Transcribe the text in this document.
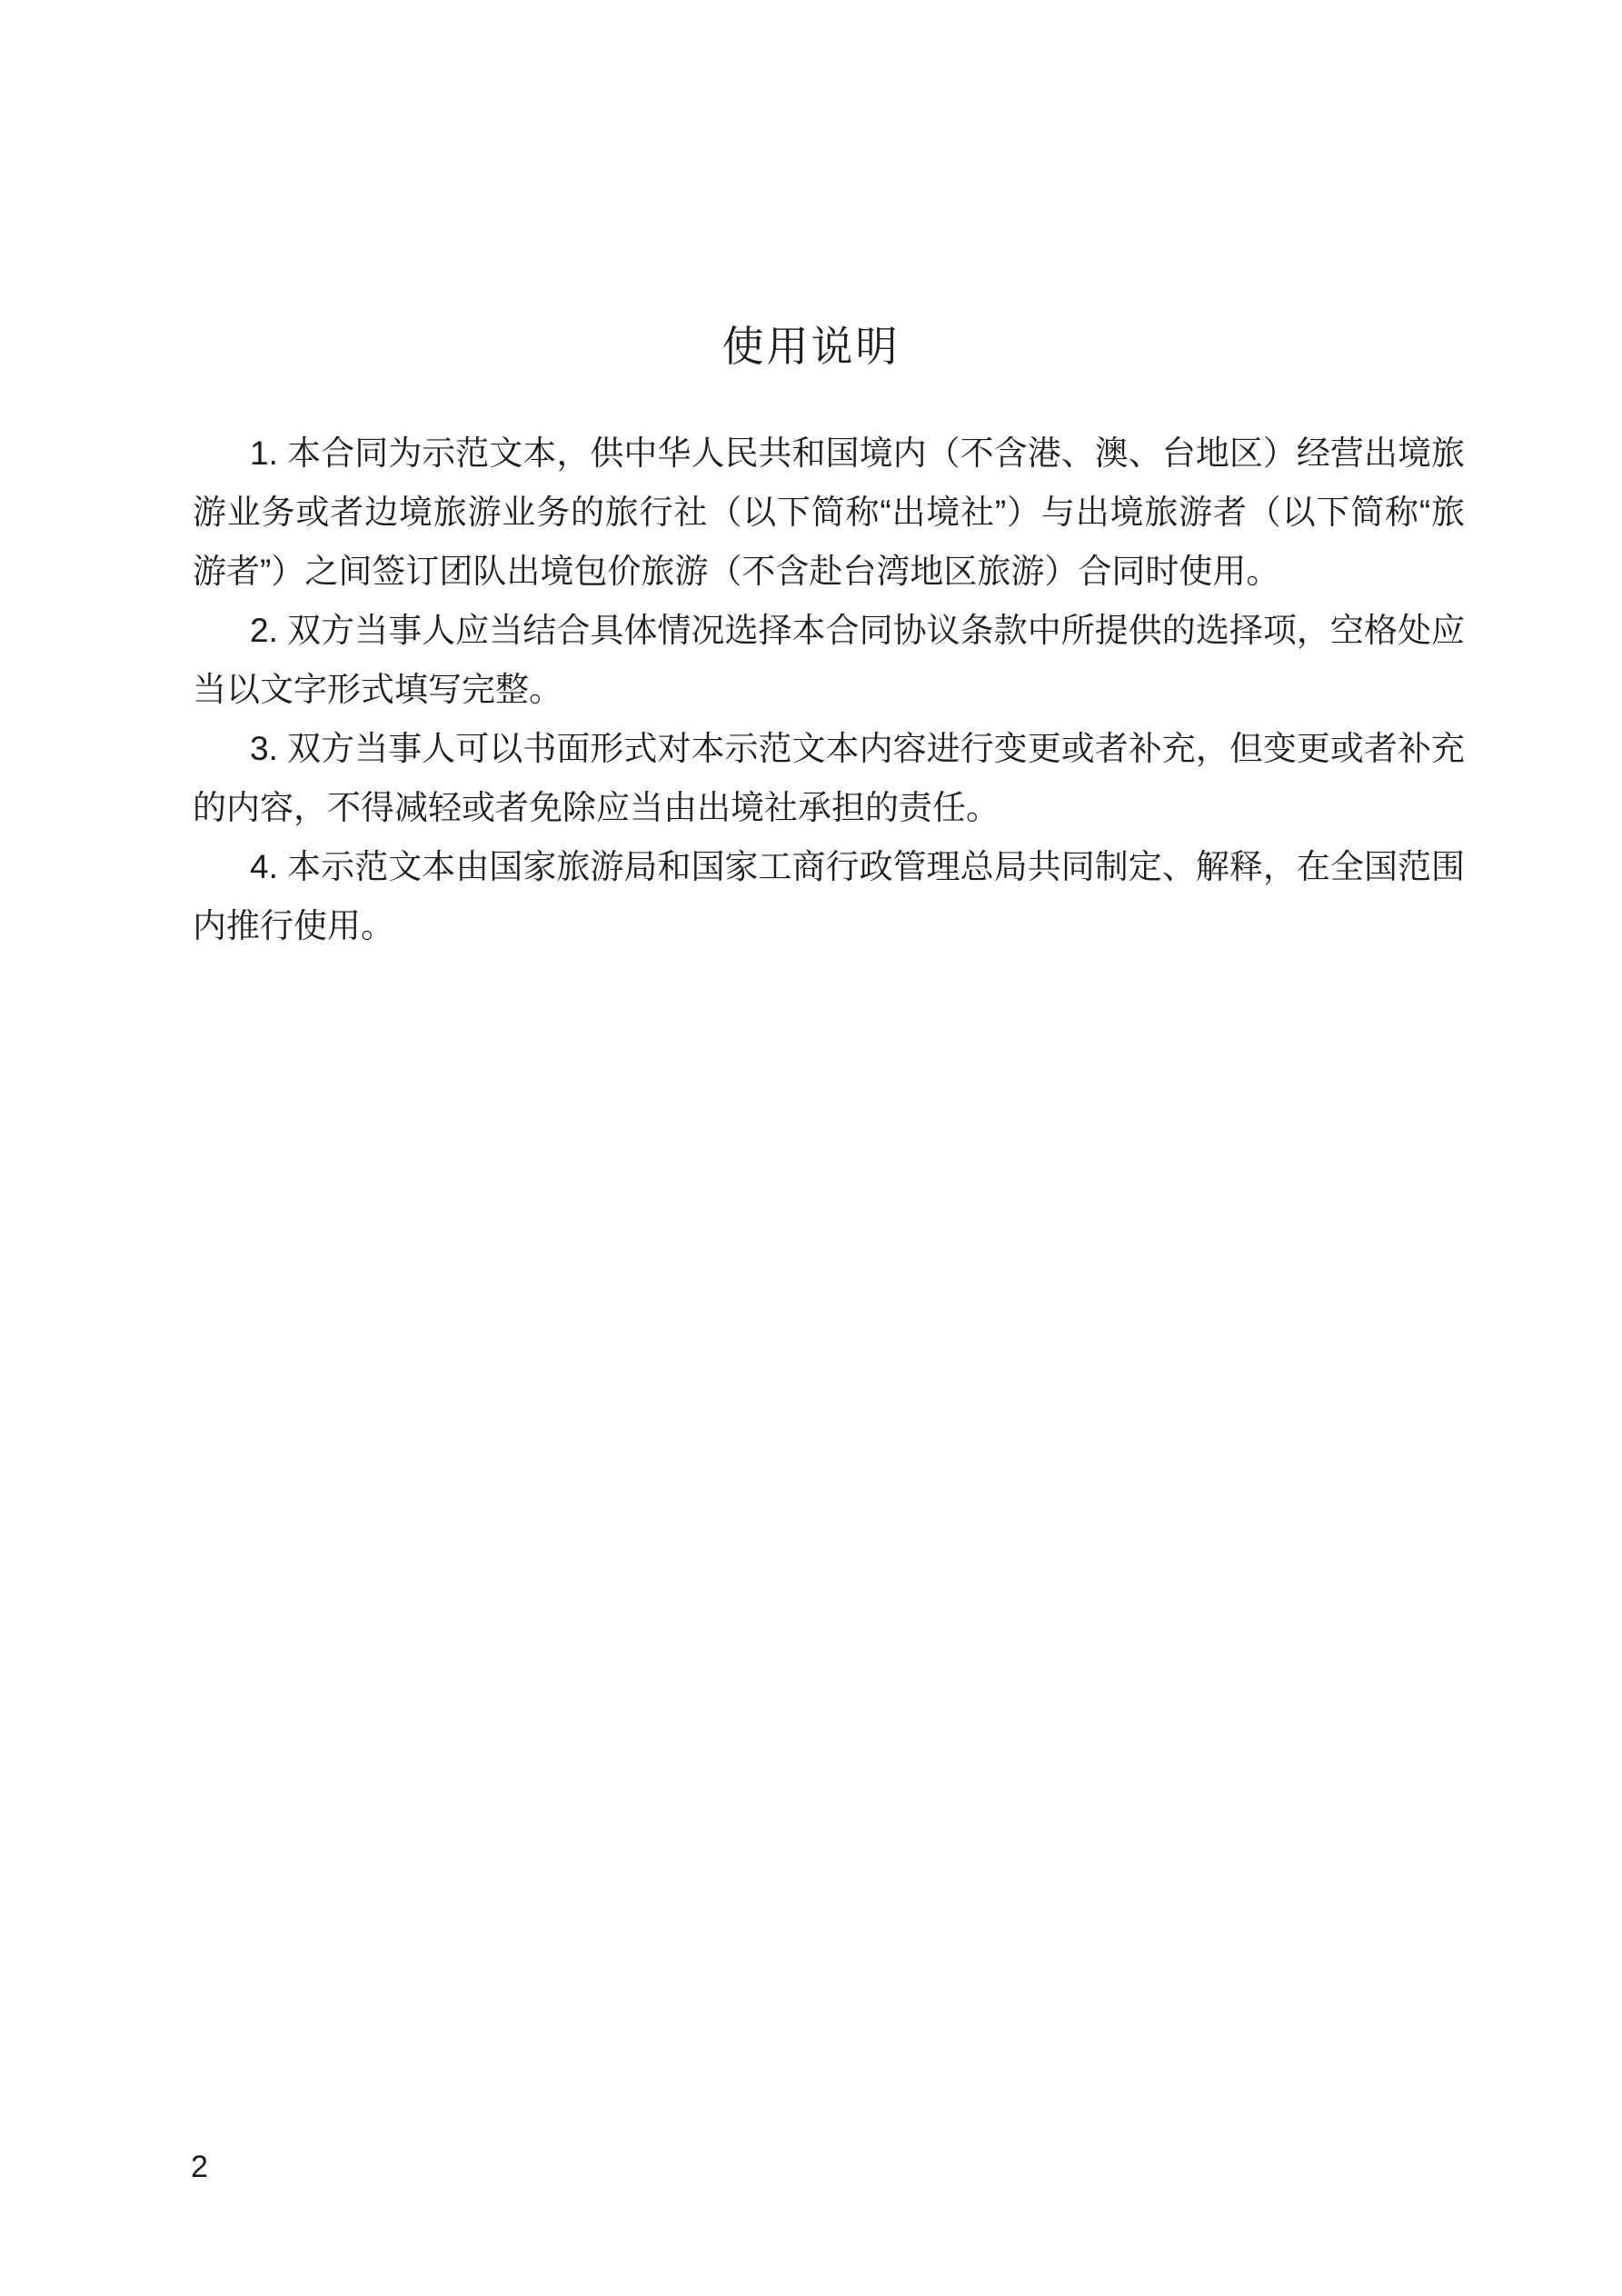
使用说明

1. 本合同为示范文本，供中华人民共和国境内（不含港、澳、台地区）经营出境旅游业务或者边境旅游业务的旅行社（以下简称“出境社”）与出境旅游者（以下简称“旅游者”）之间签订团队出境包价旅游（不含赴台湾地区旅游）合同时使用。

2. 双方当事人应当结合具体情况选择本合同协议条款中所提供的选择项，空格处应当以文字形式填写完整。

3. 双方当事人可以书面形式对本示范文本内容进行变更或者补充，但变更或者补充的内容，不得减轻或者免除应当由出境社承担的责任。

4. 本示范文本由国家旅游局和国家工商行政管理总局共同制定、解释，在全国范围内推行使用。

2
